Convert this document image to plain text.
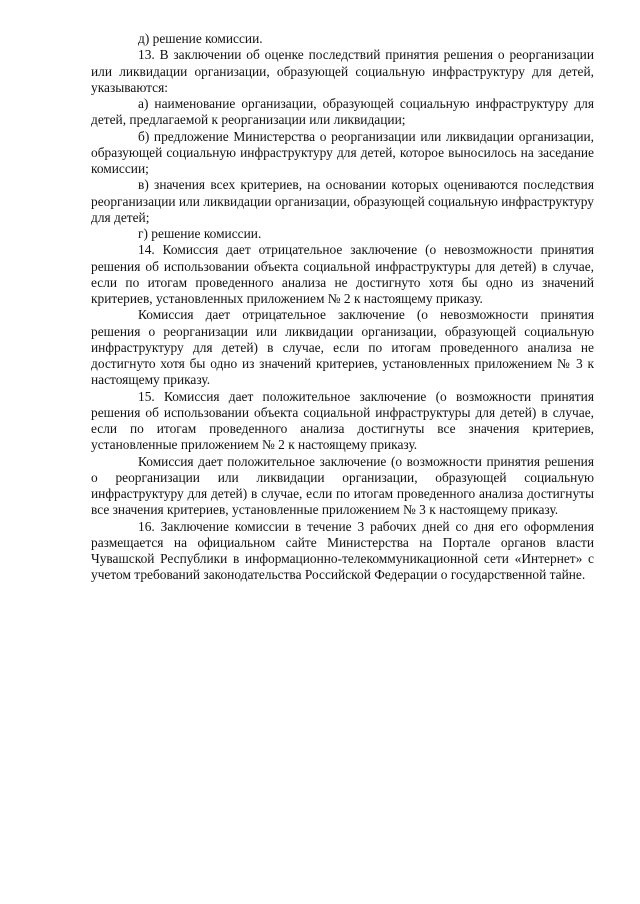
д) решение комиссии.

13. В заключении об оценке последствий принятия решения о реорганизации или ликвидации организации, образующей социальную инфраструктуру для детей, указываются:

а) наименование организации, образующей социальную инфраструктуру для детей, предлагаемой к реорганизации или ликвидации;

б) предложение Министерства о реорганизации или ликвидации организации, образующей социальную инфраструктуру для детей, которое выносилось на заседание комиссии;

в) значения всех критериев, на основании которых оцениваются последствия реорганизации или ликвидации организации, образующей социальную инфраструктуру для детей;

г) решение комиссии.

14. Комиссия дает отрицательное заключение (о невозможности принятия решения об использовании объекта социальной инфраструктуры для детей) в случае, если по итогам проведенного анализа не достигнуто хотя бы одно из значений критериев, установленных приложением № 2 к настоящему приказу.

Комиссия дает отрицательное заключение (о невозможности принятия решения о реорганизации или ликвидации организации, образующей социальную инфраструктуру для детей) в случае, если по итогам проведенного анализа не достигнуто хотя бы одно из значений критериев, установленных приложением № 3 к настоящему приказу.

15. Комиссия дает положительное заключение (о возможности принятия решения об использовании объекта социальной инфраструктуры для детей) в случае, если по итогам проведенного анализа достигнуты все значения критериев, установленные приложением № 2 к настоящему приказу.

Комиссия дает положительное заключение (о возможности принятия решения о реорганизации или ликвидации организации, образующей социальную инфраструктуру для детей) в случае, если по итогам проведенного анализа достигнуты все значения критериев, установленные приложением № 3 к настоящему приказу.

16. Заключение комиссии в течение 3 рабочих дней со дня его оформления размещается на официальном сайте Министерства на Портале органов власти Чувашской Республики в информационно-телекоммуникационной сети «Интернет» с учетом требований законодательства Российской Федерации о государственной тайне.
